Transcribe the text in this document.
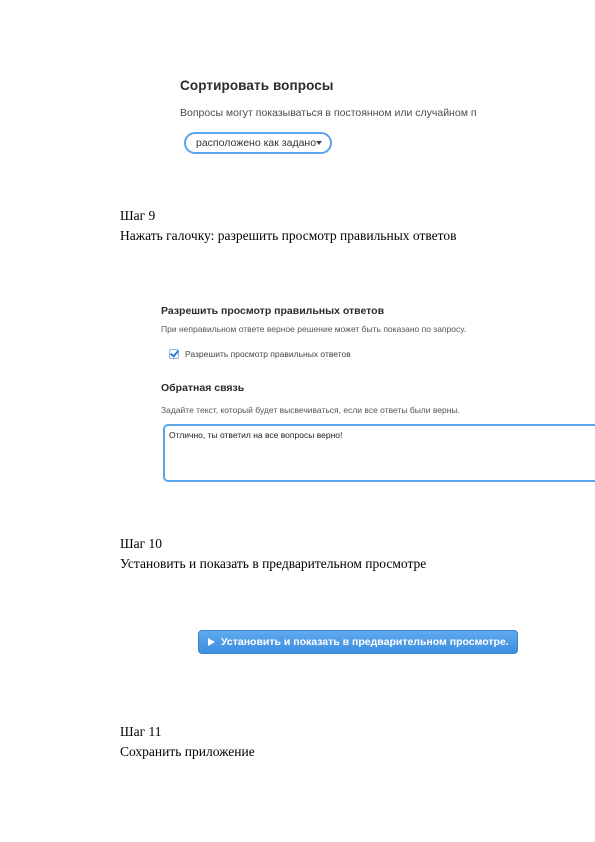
Сортировать вопросы
Вопросы могут показываться в постоянном или случайном п
расположено как задано
Шаг 9
Нажать галочку: разрешить просмотр правильных ответов
Разрешить просмотр правильных ответов
При неправильном ответе верное решение может быть показано по запросу.
Разрешить просмотр правильных ответов
Обратная связь
Задайте текст, который будет высвечиваться, если все ответы были верны.
Отлично, ты ответил на все вопросы верно!
Шаг 10
Установить и показать в предварительном просмотре
Установить и показать в предварительном просмотре.
Шаг 11
Сохранить приложение
